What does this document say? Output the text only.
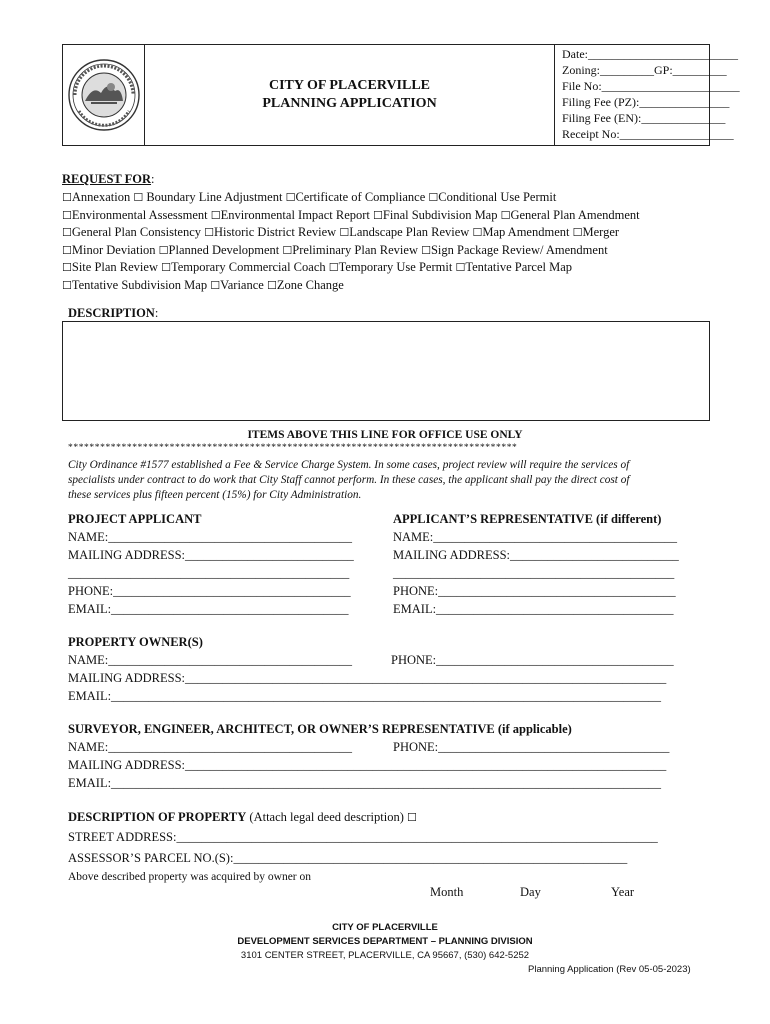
CITY OF PLACERVILLE
PLANNING APPLICATION
Date:_________________________
Zoning:_________GP:_________
File No:_______________________
Filing Fee (PZ):_______________
Filing Fee (EN):______________
Receipt No:___________________
REQUEST FOR:
☐Annexation ☐ Boundary Line Adjustment ☐Certificate of Compliance ☐Conditional Use Permit
☐Environmental Assessment ☐Environmental Impact Report ☐Final Subdivision Map ☐General Plan Amendment
☐General Plan Consistency ☐Historic District Review ☐Landscape Plan Review ☐Map Amendment ☐Merger
☐Minor Deviation ☐Planned Development ☐Preliminary Plan Review ☐Sign Package Review/ Amendment
☐Site Plan Review ☐Temporary Commercial Coach ☐Temporary Use Permit ☐Tentative Parcel Map
☐Tentative Subdivision Map ☐Variance ☐Zone Change
DESCRIPTION:
ITEMS ABOVE THIS LINE FOR OFFICE USE ONLY
************************************************************************************
City Ordinance #1577 established a Fee & Service Charge System. In some cases, project review will require the services of
specialists under contract to do work that City Staff cannot perform. In these cases, the applicant shall pay the direct cost of
these services plus fifteen percent (15%) for City Administration.
PROJECT APPLICANT
NAME:_______________________________________
MAILING ADDRESS:___________________________
_____________________________________________
PHONE:______________________________________
EMAIL:______________________________________
APPLICANT’S REPRESENTATIVE (if different)
NAME:_______________________________________
MAILING ADDRESS:___________________________
_____________________________________________
PHONE:______________________________________
EMAIL:______________________________________
PROPERTY OWNER(S)
NAME:_______________________________________	PHONE:______________________________________
MAILING ADDRESS:_____________________________________________________________________________
EMAIL:________________________________________________________________________________________
SURVEYOR, ENGINEER, ARCHITECT, OR OWNER’S REPRESENTATIVE (if applicable)
NAME:_______________________________________	PHONE:_____________________________________
MAILING ADDRESS:_____________________________________________________________________________
EMAIL:________________________________________________________________________________________
DESCRIPTION OF PROPERTY (Attach legal deed description) ☐
STREET ADDRESS:_____________________________________________________________________________
ASSESSOR’S PARCEL NO.(S):_______________________________________________________________
Above described property was acquired by owner on
Month	Day	Year
CITY OF PLACERVILLE
DEVELOPMENT SERVICES DEPARTMENT – PLANNING DIVISION
3101 CENTER STREET, PLACERVILLE, CA 95667, (530) 642-5252
Planning Application (Rev 05-05-2023)
